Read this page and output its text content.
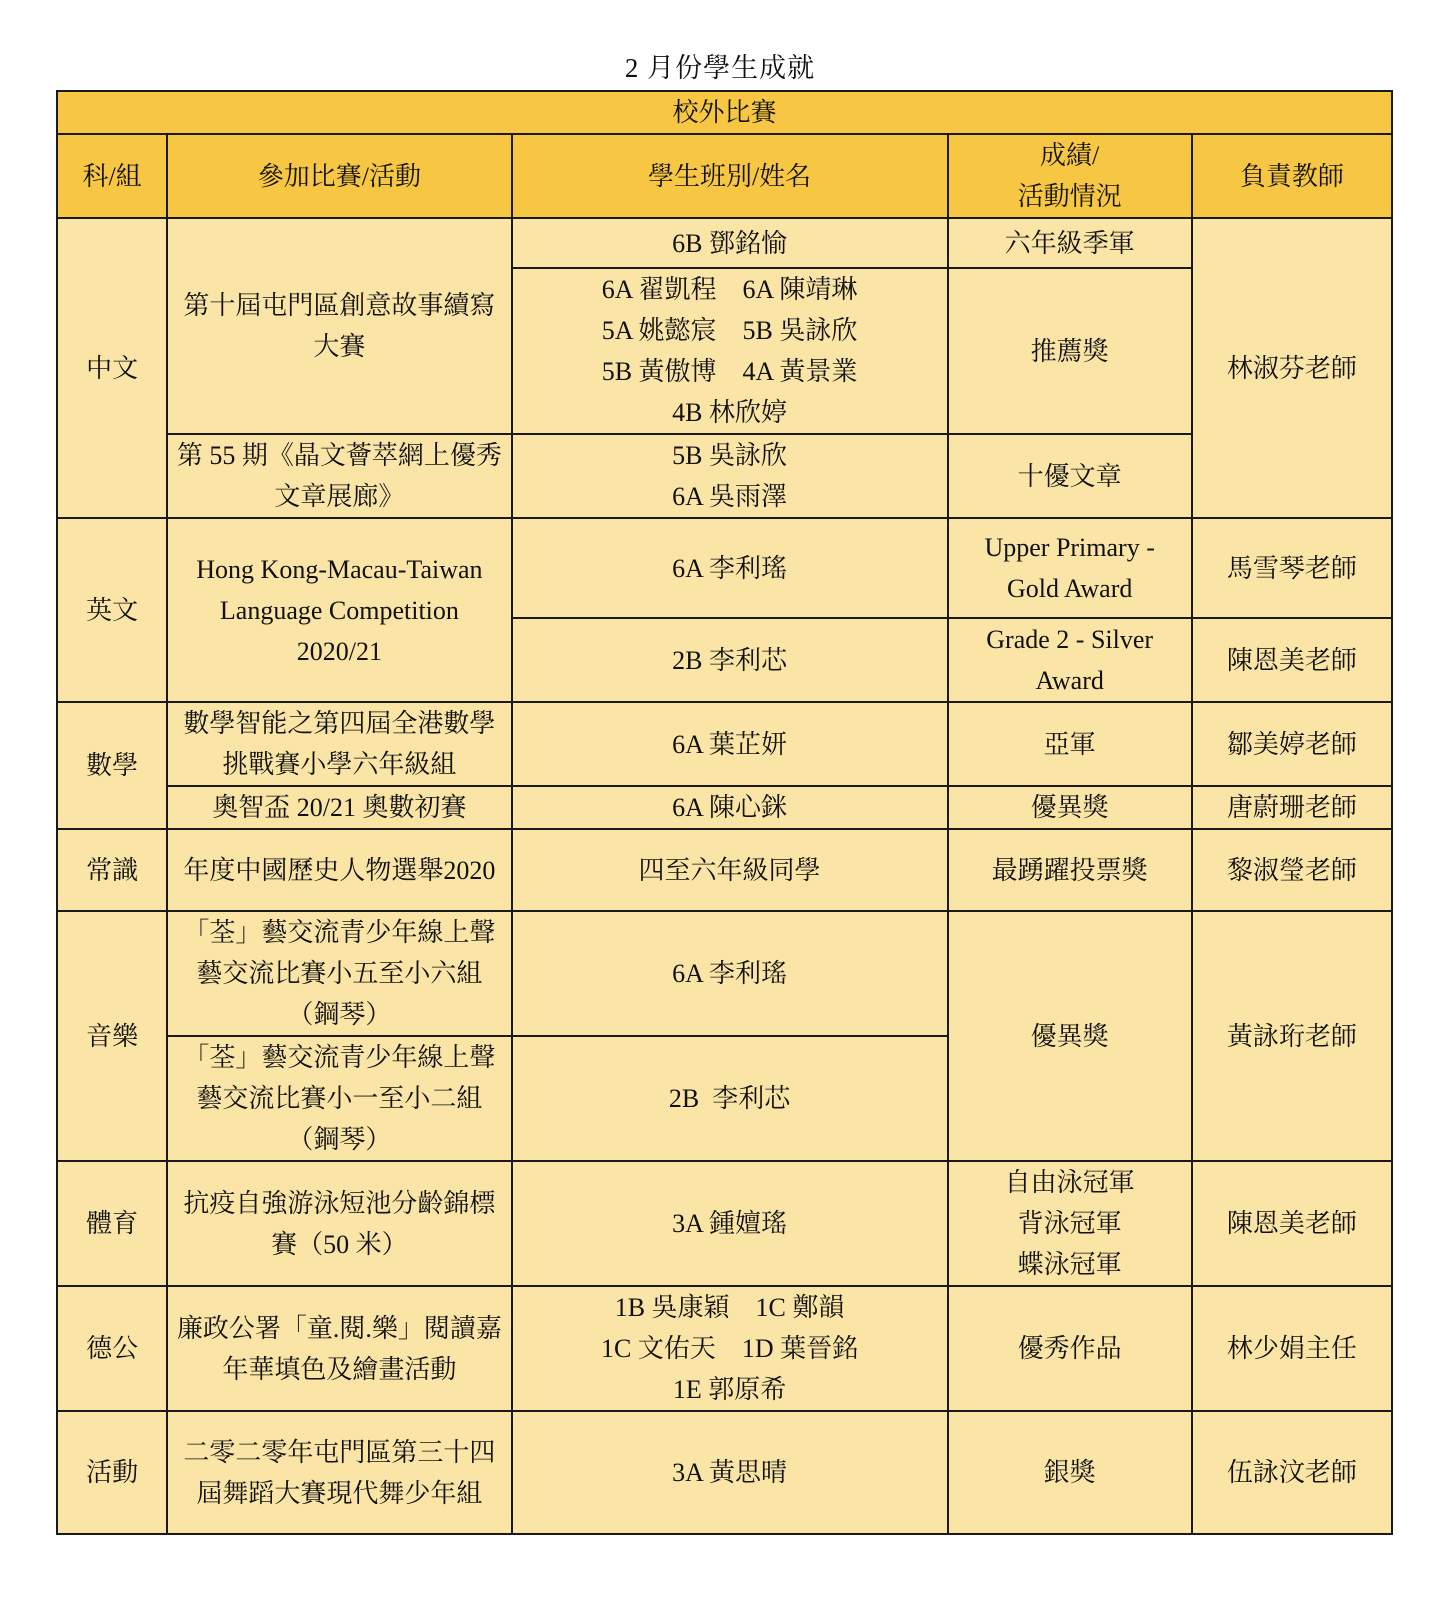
2 月份學生成就
校外比賽				
科/組	參加比賽/活動	學生班別/姓名	成績/
活動情況	負責教師
中文	第十屆屯門區創意故事續寫大賽	6B 鄧銘愉	六年級季軍	林淑芬老師
		6A 翟凱程    6A 陳靖琳
5A 姚懿宸    5B 吳詠欣
5B 黃傲博    4A 黃景業
4B 林欣婷	推薦獎	
	第 55 期《晶文薈萃網上優秀文章展廊》	5B 吳詠欣
6A 吳雨澤	十優文章	
英文	Hong Kong-Macau-Taiwan Language Competition 2020/21	6A 李利瑤	Upper Primary - Gold Award	馬雪琴老師
		2B 李利芯	Grade 2 - Silver Award	陳恩美老師
數學	數學智能之第四屆全港數學挑戰賽小學六年級組	6A 葉芷妍	亞軍	鄒美婷老師
	奧智盃 20/21 奧數初賽	6A 陳心銤	優異獎	唐蔚珊老師
常識	年度中國歷史人物選舉2020	四至六年級同學	最踴躍投票獎	黎淑瑩老師
音樂	「荃」藝交流青少年線上聲藝交流比賽小五至小六組（鋼琴）	6A 李利瑤	優異獎	黃詠珩老師
	「荃」藝交流青少年線上聲藝交流比賽小一至小二組（鋼琴）	2B  李利芯		
體育	抗疫自強游泳短池分齡錦標賽（50 米）	3A 鍾嬗瑤	自由泳冠軍
背泳冠軍
蝶泳冠軍	陳恩美老師
德公	廉政公署「童.閱.樂」閱讀嘉年華填色及繪畫活動	1B 吳康穎    1C 鄭韻
1C 文佑天    1D 葉晉銘
1E 郭原希	優秀作品	林少娟主任
活動	二零二零年屯門區第三十四屆舞蹈大賽現代舞少年組	3A 黃思晴	銀獎	伍詠汶老師
